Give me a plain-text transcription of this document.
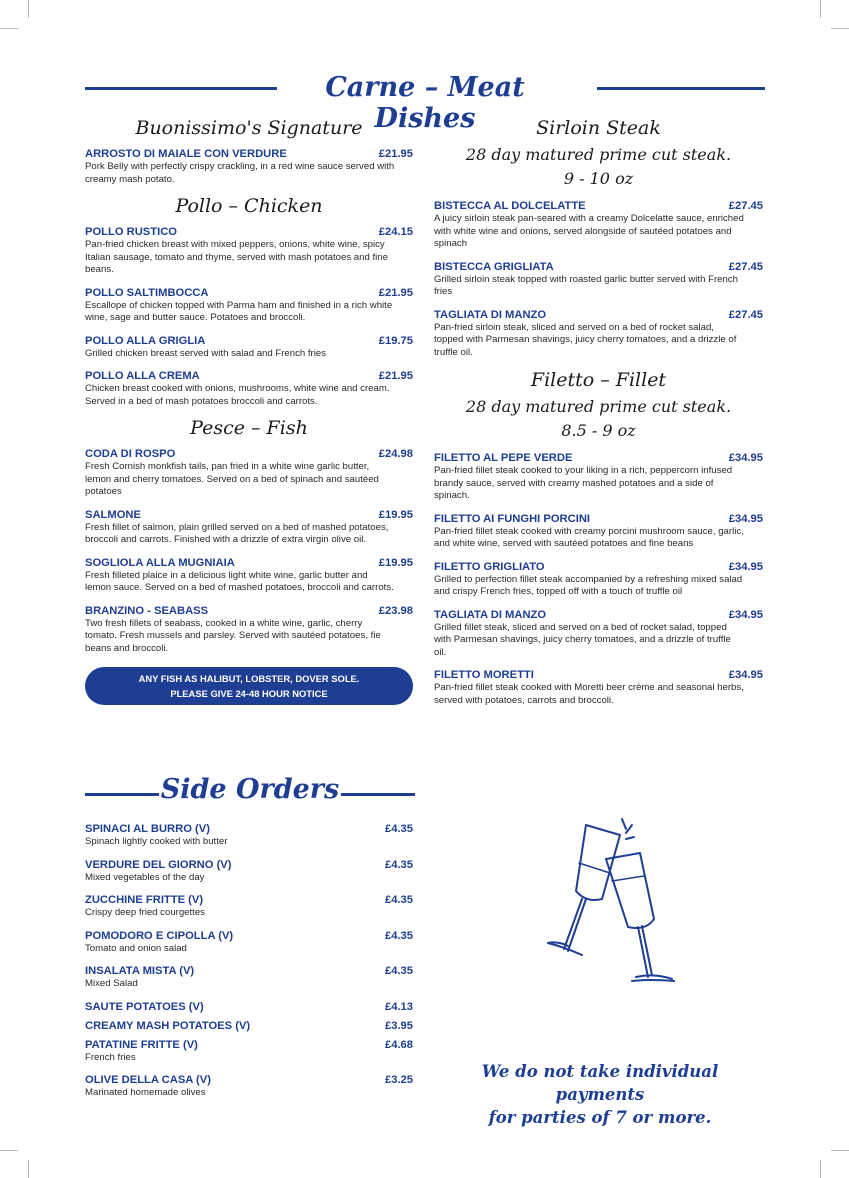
Carne – Meat Dishes
Buonissimo's Signature
ARROSTO DI MAIALE CON VERDURE	£21.95
Pork Belly with perfectly crispy crackling, in a red wine sauce served with creamy mash potato.
Pollo – Chicken
POLLO RUSTICO	£24.15
Pan-fried chicken breast with mixed peppers, onions, white wine, spicy Italian sausage, tomato and thyme, served with mash potatoes and fine beans.
POLLO SALTIMBOCCA	£21.95
Escallope of chicken topped with Parma ham and finished in a rich white wine, sage and butter sauce. Potatoes and broccoli.
POLLO ALLA GRIGLIA	£19.75
Grilled chicken breast served with salad and French fries
POLLO ALLA CREMA	£21.95
Chicken breast cooked with onions, mushrooms, white wine and cream. Served in a bed of mash potatoes broccoli and carrots.
Pesce – Fish
CODA DI ROSPO	£24.98
Fresh Cornish monkfish tails, pan fried in a white wine garlic butter, lemon and cherry tomatoes. Served on a bed of spinach and sautéed potatoes
SALMONE	£19.95
Fresh fillet of salmon, plain grilled served on a bed of mashed potatoes, broccoli and carrots. Finished with a drizzle of extra virgin olive oil.
SOGLIOLA ALLA MUGNIAIA	£19.95
Fresh filleted plaice in a delicious light white wine, garlic butter and lemon sauce. Served on a bed of mashed potatoes, broccoli and carrots.
BRANZINO - SEABASS	£23.98
Two fresh fillets of seabass, cooked in a white wine, garlic, cherry tomato. Fresh mussels and parsley. Served with sautéed potatoes, fie beans and broccoli.
ANY FISH AS HALIBUT, LOBSTER, DOVER SOLE.
PLEASE GIVE 24-48 HOUR NOTICE
Sirloin Steak
28 day matured prime cut steak.
9 - 10 oz
BISTECCA AL DOLCELATTE	£27.45
A juicy sirloin steak pan-seared with a creamy Dolcelatte sauce, enriched with white wine and onions, served alongside of sautéed potatoes and spinach
BISTECCA GRIGLIATA	£27.45
Grilled sirloin steak topped with roasted garlic butter served with French fries
TAGLIATA DI MANZO	£27.45
Pan-fried sirloin steak, sliced and served on a bed of rocket salad, topped with Parmesan shavings, juicy cherry tomatoes, and a drizzle of truffle oil.
Filetto – Fillet
28 day matured prime cut steak.
8.5 - 9 oz
FILETTO AL PEPE VERDE	£34.95
Pan-fried fillet steak cooked to your liking in a rich, peppercorn infused brandy sauce, served with creamy mashed potatoes and a side of spinach.
FILETTO AI FUNGHI PORCINI	£34.95
Pan-fried fillet steak cooked with creamy porcini mushroom sauce, garlic, and white wine, served with sautéed potatoes and fine beans
FILETTO GRIGLIATO	£34.95
Grilled to perfection fillet steak accompanied by a refreshing mixed salad and crispy French fries, topped off with a touch of truffle oil
TAGLIATA DI MANZO	£34.95
Grilled fillet steak, sliced and served on a bed of rocket salad, topped with Parmesan shavings, juicy cherry tomatoes, and a drizzle of truffle oil.
FILETTO MORETTI	£34.95
Pan-fried fillet steak cooked with Moretti beer crème and seasonal herbs, served with potatoes, carrots and broccoli.
Side Orders
SPINACI AL BURRO (V)	£4.35
Spinach lightly cooked with butter
VERDURE DEL GIORNO (V)	£4.35
Mixed vegetables of the day
ZUCCHINE FRITTE (V)	£4.35
Crispy deep fried courgettes
POMODORO E CIPOLLA (V)	£4.35
Tomato and onion salad
INSALATA MISTA (V)	£4.35
Mixed Salad
SAUTE POTATOES (V)	£4.13
CREAMY MASH POTATOES (V)	£3.95
PATATINE FRITTE (V)	£4.68
French fries
OLIVE DELLA CASA (V)	£3.25
Marinated homemade olives
We do not take individual payments
for parties of 7 or more.
